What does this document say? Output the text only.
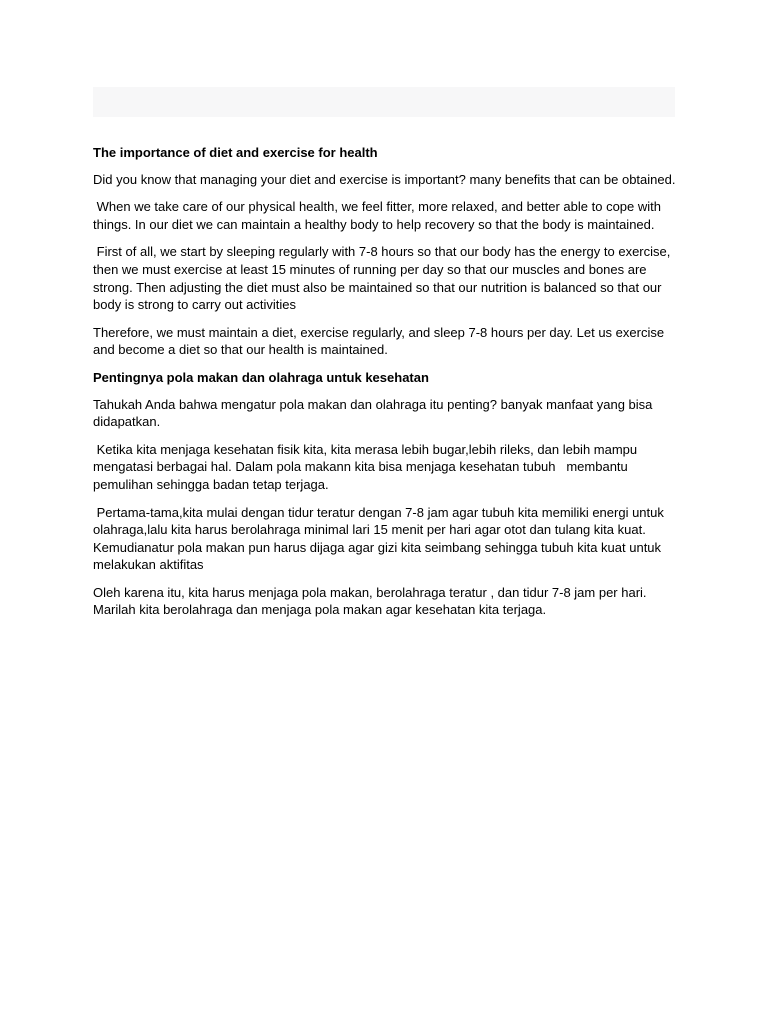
The importance of diet and exercise for health

Did you know that managing your diet and exercise is important? many benefits that can be obtained.

When we take care of our physical health, we feel fitter, more relaxed, and better able to cope with things. In our diet we can maintain a healthy body to help recovery so that the body is maintained.

First of all, we start by sleeping regularly with 7-8 hours so that our body has the energy to exercise, then we must exercise at least 15 minutes of running per day so that our muscles and bones are strong. Then adjusting the diet must also be maintained so that our nutrition is balanced so that our body is strong to carry out activities

Therefore, we must maintain a diet, exercise regularly, and sleep 7-8 hours per day. Let us exercise and become a diet so that our health is maintained.

Pentingnya pola makan dan olahraga untuk kesehatan

Tahukah Anda bahwa mengatur pola makan dan olahraga itu penting? banyak manfaat yang bisa didapatkan.

Ketika kita menjaga kesehatan fisik kita, kita merasa lebih bugar,lebih rileks, dan lebih mampu mengatasi berbagai hal. Dalam pola makann kita bisa menjaga kesehatan tubuh   membantu pemulihan sehingga badan tetap terjaga.

Pertama-tama,kita mulai dengan tidur teratur dengan 7-8 jam agar tubuh kita memiliki energi untuk olahraga,lalu kita harus berolahraga minimal lari 15 menit per hari agar otot dan tulang kita kuat. Kemudianatur pola makan pun harus dijaga agar gizi kita seimbang sehingga tubuh kita kuat untuk melakukan aktifitas

Oleh karena itu, kita harus menjaga pola makan, berolahraga teratur , dan tidur 7-8 jam per hari. Marilah kita berolahraga dan menjaga pola makan agar kesehatan kita terjaga.
